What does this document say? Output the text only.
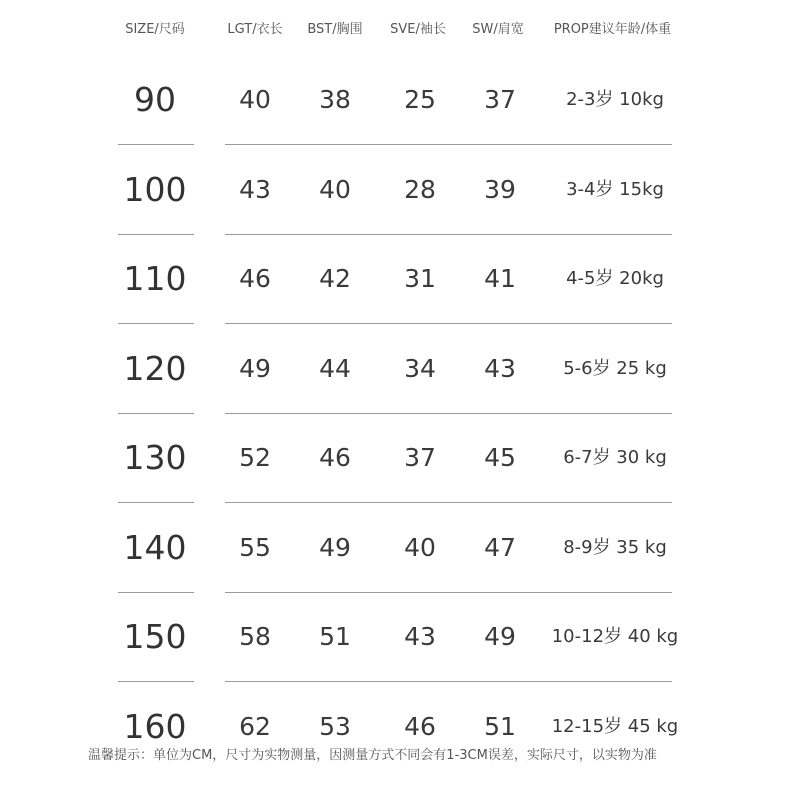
SIZE/尺码	LGT/衣长	BST/胸围	SVE/袖长	SW/肩宽	PROP建议年龄/体重
90	40	38	25	37	2-3岁 10kg
100	43	40	28	39	3-4岁 15kg
110	46	42	31	41	4-5岁 20kg
120	49	44	34	43	5-6岁 25 kg
130	52	46	37	45	6-7岁 30 kg
140	55	49	40	47	8-9岁 35 kg
150	58	51	43	49	10-12岁 40 kg
160	62	53	46	51	12-15岁 45 kg
温馨提示：单位为CM，尺寸为实物测量，因测量方式不同会有1-3CM误差，实际尺寸，以实物为准
